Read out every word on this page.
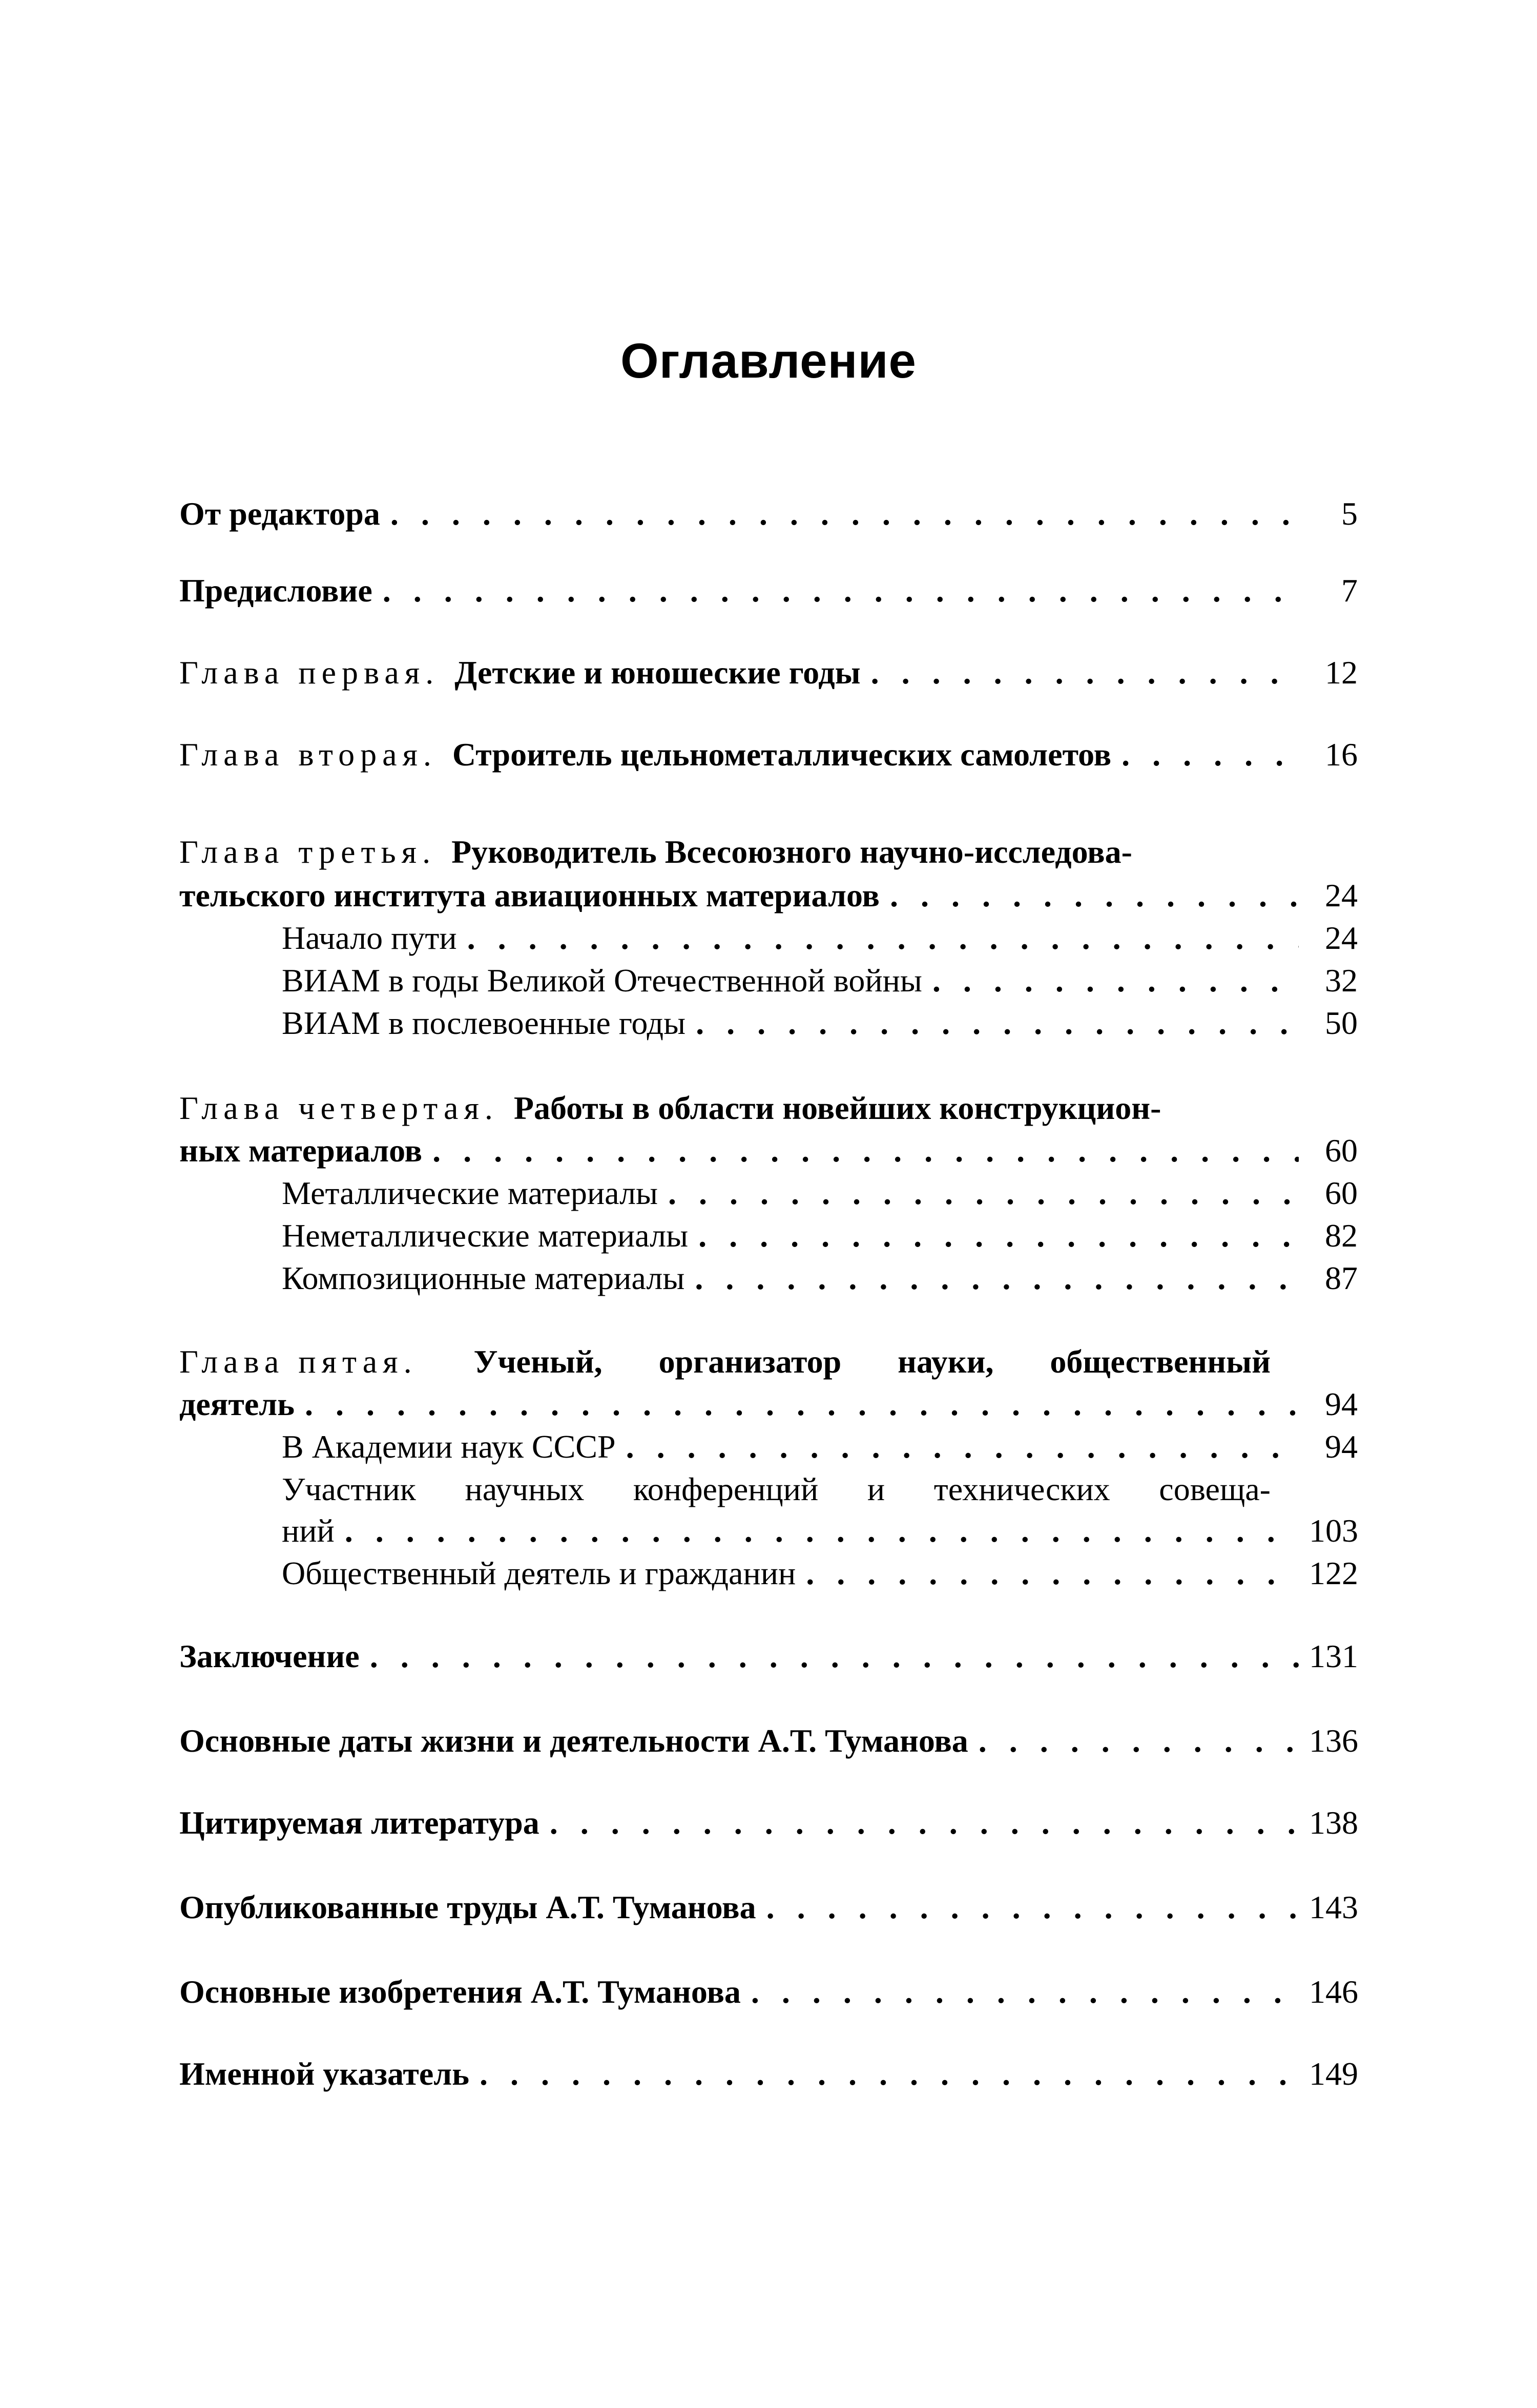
Оглавление
От редактора . . .	5
Предисловие . . .	7
Глава первая. Детские и юношеские годы . . .	12
Глава вторая. Строитель цельнометаллических самолетов . . .	16
Глава третья. Руководитель Всесоюзного научно-исследова-
тельского института авиационных материалов . . .	24
Начало пути . . .	24
ВИАМ в годы Великой Отечественной войны . . .	32
ВИАМ в послевоенные годы . . .	50
Глава четвертая. Работы в области новейших конструкцион-
ных материалов . . .	60
Металлические материалы . . .	60
Неметаллические материалы . . .	82
Композиционные материалы . . .	87
Глава пятая. Ученый, организатор науки, общественный
деятель . . .	94
В Академии наук СССР . . .	94
Участник научных конференций и технических совеща-
ний . . .	103
Общественный деятель и гражданин . . .	122
Заключение . . .	131
Основные даты жизни и деятельности А.Т. Туманова . . .	136
Цитируемая литература . . .	138
Опубликованные труды А.Т. Туманова . . .	143
Основные изобретения А.Т. Туманова . . .	146
Именной указатель . . .	149
